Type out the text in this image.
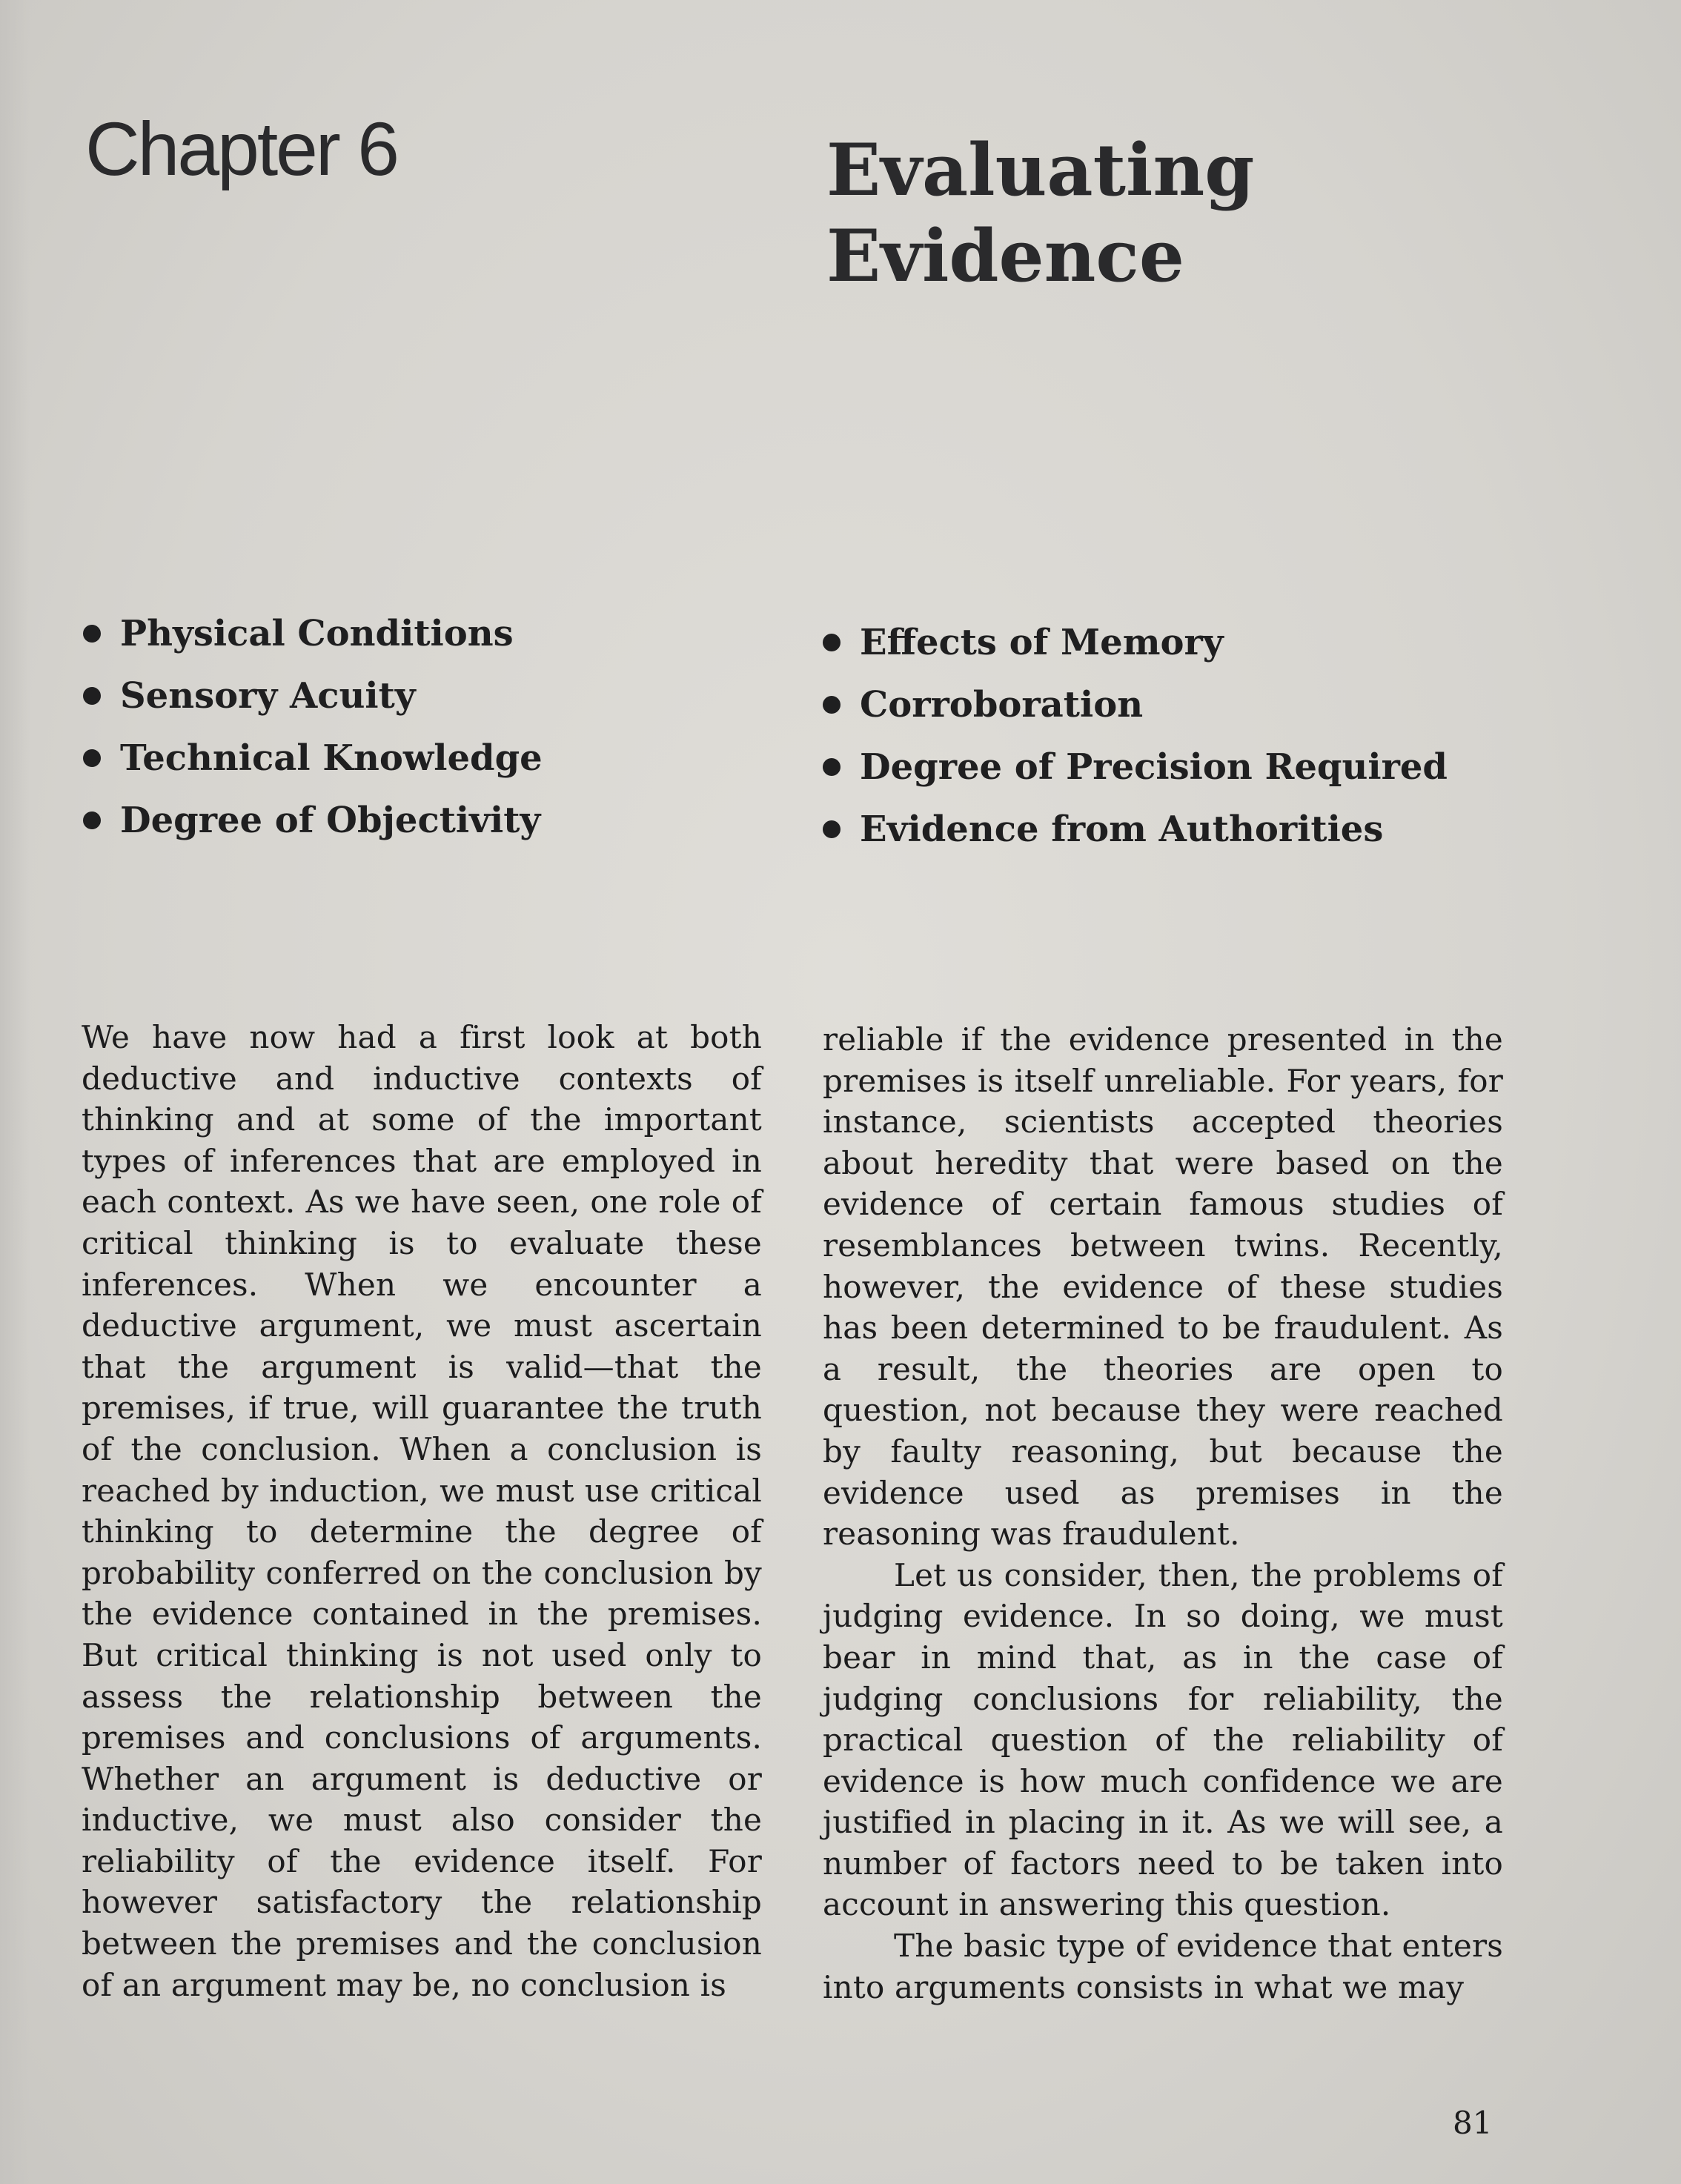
Chapter 6	Evaluating
Evidence
Physical Conditions
Sensory Acuity
Technical Knowledge
Degree of Objectivity
Effects of Memory
Corroboration
Degree of Precision Required
Evidence from Authorities

We have now had a first look at both deductive and inductive contexts of thinking and at some of the important types of inferences that are employed in each context. As we have seen, one role of critical thinking is to evaluate these inferences. When we encounter a deductive argument, we must ascertain that the argument is valid—that the premises, if true, will guarantee the truth of the conclusion. When a conclusion is reached by induction, we must use critical thinking to determine the degree of probability conferred on the conclusion by the evidence contained in the premises. But critical thinking is not used only to assess the relationship between the premises and conclusions of arguments. Whether an argument is deductive or inductive, we must also consider the reliability of the evidence itself. For however satisfactory the relationship between the premises and the conclusion of an argument may be, no conclusion is

reliable if the evidence presented in the premises is itself unreliable. For years, for instance, scientists accepted theories about heredity that were based on the evidence of certain famous studies of resemblances between twins. Recently, however, the evidence of these studies has been determined to be fraudulent. As a result, the theories are open to question, not because they were reached by faulty reasoning, but because the evidence used as premises in the reasoning was fraudulent.

Let us consider, then, the problems of judging evidence. In so doing, we must bear in mind that, as in the case of judging conclusions for reliability, the practical question of the reliability of evidence is how much confidence we are justified in placing in it. As we will see, a number of factors need to be taken into account in answering this question.

The basic type of evidence that enters into arguments consists in what we may

81
